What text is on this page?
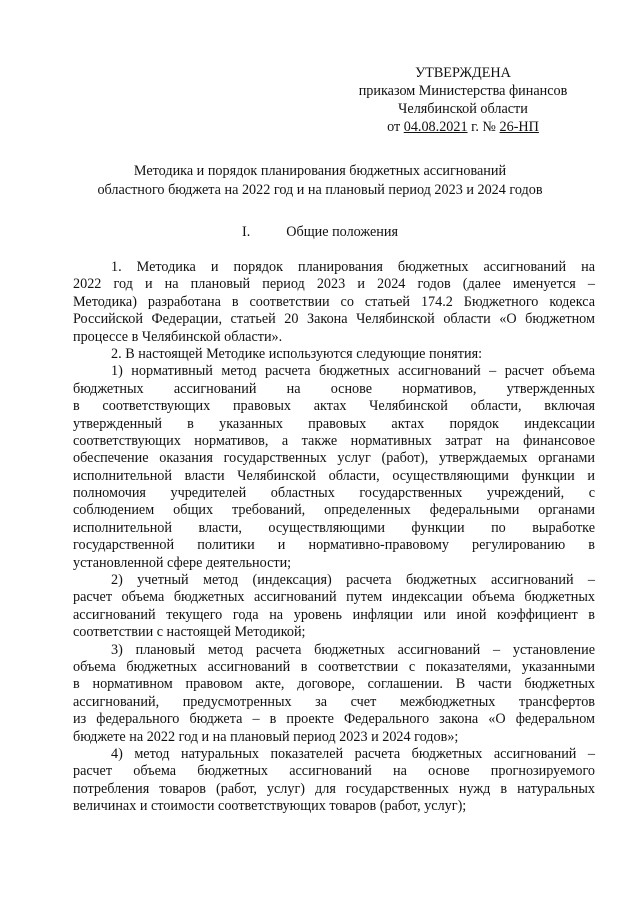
УТВЕРЖДЕНА
приказом Министерства финансов
Челябинской области
от 04.08.2021 г. № 26-НП
Методика и порядок планирования бюджетных ассигнований
областного бюджета на 2022 год и на плановый период 2023 и 2024 годов
I.	Общие положения
1. Методика и порядок планирования бюджетных ассигнований на
2022 год и на плановый период 2023 и 2024 годов (далее именуется –
Методика) разработана в соответствии со статьей 174.2 Бюджетного кодекса
Российской Федерации, статьей 20 Закона Челябинской области «О бюджетном
процессе в Челябинской области».
2. В настоящей Методике используются следующие понятия:
1) нормативный метод расчета бюджетных ассигнований – расчет объема
бюджетных ассигнований на основе нормативов, утвержденных
в соответствующих правовых актах Челябинской области, включая
утвержденный в указанных правовых актах порядок индексации
соответствующих нормативов, а также нормативных затрат на финансовое
обеспечение оказания государственных услуг (работ), утверждаемых органами
исполнительной власти Челябинской области, осуществляющими функции и
полномочия учредителей областных государственных учреждений, с
соблюдением общих требований, определенных федеральными органами
исполнительной власти, осуществляющими функции по выработке
государственной политики и нормативно-правовому регулированию в
установленной сфере деятельности;
2) учетный метод (индексация) расчета бюджетных ассигнований –
расчет объема бюджетных ассигнований путем индексации объема бюджетных
ассигнований текущего года на уровень инфляции или иной коэффициент в
соответствии с настоящей Методикой;
3) плановый метод расчета бюджетных ассигнований – установление
объема бюджетных ассигнований в соответствии с показателями, указанными
в нормативном правовом акте, договоре, соглашении. В части бюджетных
ассигнований, предусмотренных за счет межбюджетных трансфертов
из федерального бюджета – в проекте Федерального закона «О федеральном
бюджете на 2022 год и на плановый период 2023 и 2024 годов»;
4) метод натуральных показателей расчета бюджетных ассигнований –
расчет объема бюджетных ассигнований на основе прогнозируемого
потребления товаров (работ, услуг) для государственных нужд в натуральных
величинах и стоимости соответствующих товаров (работ, услуг);
